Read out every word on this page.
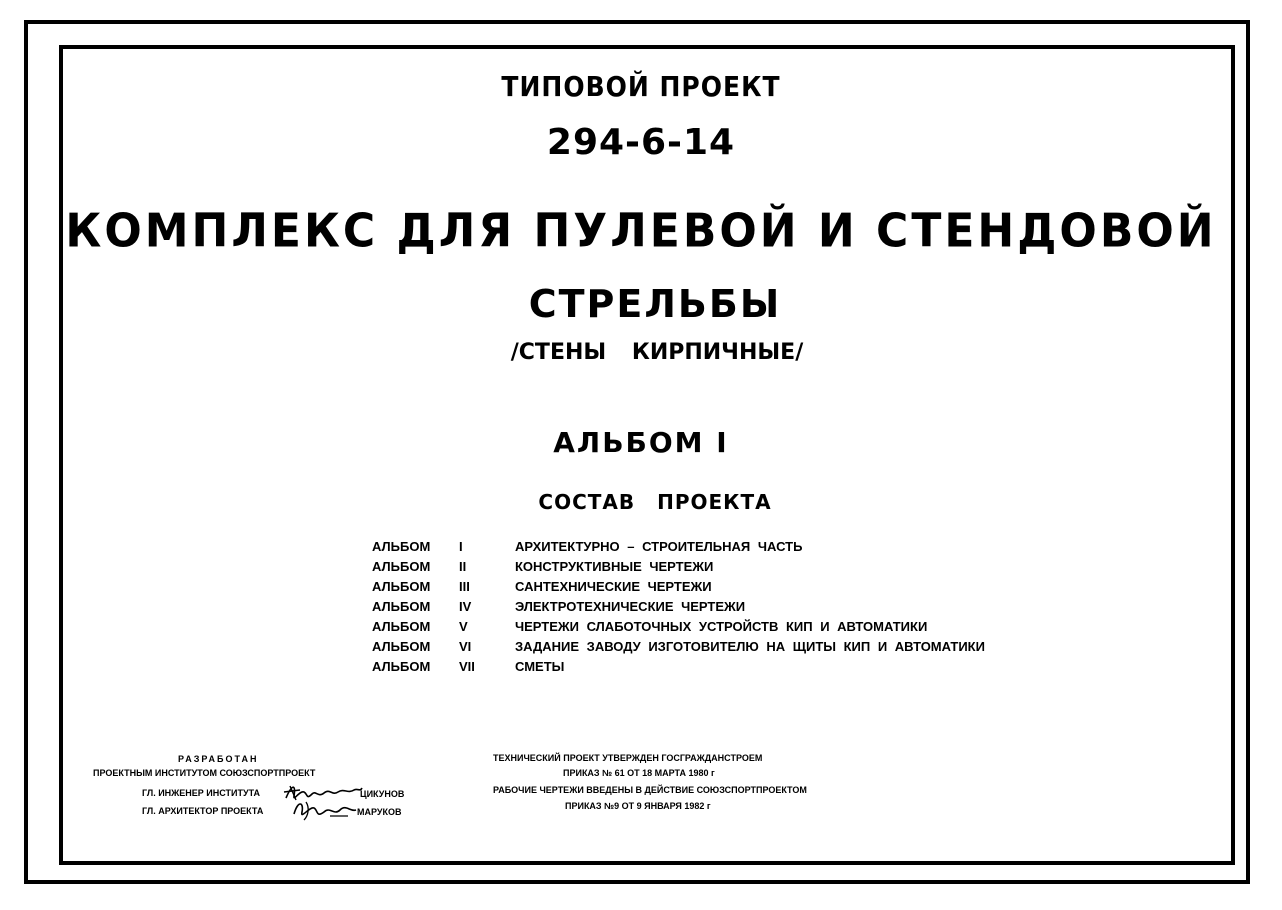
ТИПОВОЙ ПРОЕКТ
294-6-14
КОМПЛЕКС ДЛЯ ПУЛЕВОЙ И СТЕНДОВОЙ
СТРЕЛЬБЫ
/СТЕНЫ КИРПИЧНЫЕ/
АЛЬБОМ I
СОСТАВ ПРОЕКТА
АЛЬБОМ I	АРХИТЕКТУРНО – СТРОИТЕЛЬНАЯ ЧАСТЬ
АЛЬБОМ II	КОНСТРУКТИВНЫЕ ЧЕРТЕЖИ
АЛЬБОМ III	САНТЕХНИЧЕСКИЕ ЧЕРТЕЖИ
АЛЬБОМ IV	ЭЛЕКТРОТЕХНИЧЕСКИЕ ЧЕРТЕЖИ
АЛЬБОМ V	ЧЕРТЕЖИ СЛАБОТОЧНЫХ УСТРОЙСТВ КИП И АВТОМАТИКИ
АЛЬБОМ VI	ЗАДАНИЕ ЗАВОДУ ИЗГОТОВИТЕЛЮ НА ЩИТЫ КИП И АВТОМАТИКИ
АЛЬБОМ VII	СМЕТЫ
РАЗРАБОТАН
ПРОЕКТНЫМ ИНСТИТУТОМ СОЮЗСПОРТПРОЕКТ
ГЛ. ИНЖЕНЕР ИНСТИТУТА	ЦИКУНОВ
ГЛ. АРХИТЕКТОР ПРОЕКТА	МАРУКОВ
ТЕХНИЧЕСКИЙ ПРОЕКТ УТВЕРЖДЕН ГОСГРАЖДАНСТРОЕМ
ПРИКАЗ № 61 ОТ 18 МАРТА 1980 г
РАБОЧИЕ ЧЕРТЕЖИ ВВЕДЕНЫ В ДЕЙСТВИЕ СОЮЗСПОРТПРОЕКТОМ
ПРИКАЗ №9 ОТ 9 ЯНВАРЯ 1982 г
